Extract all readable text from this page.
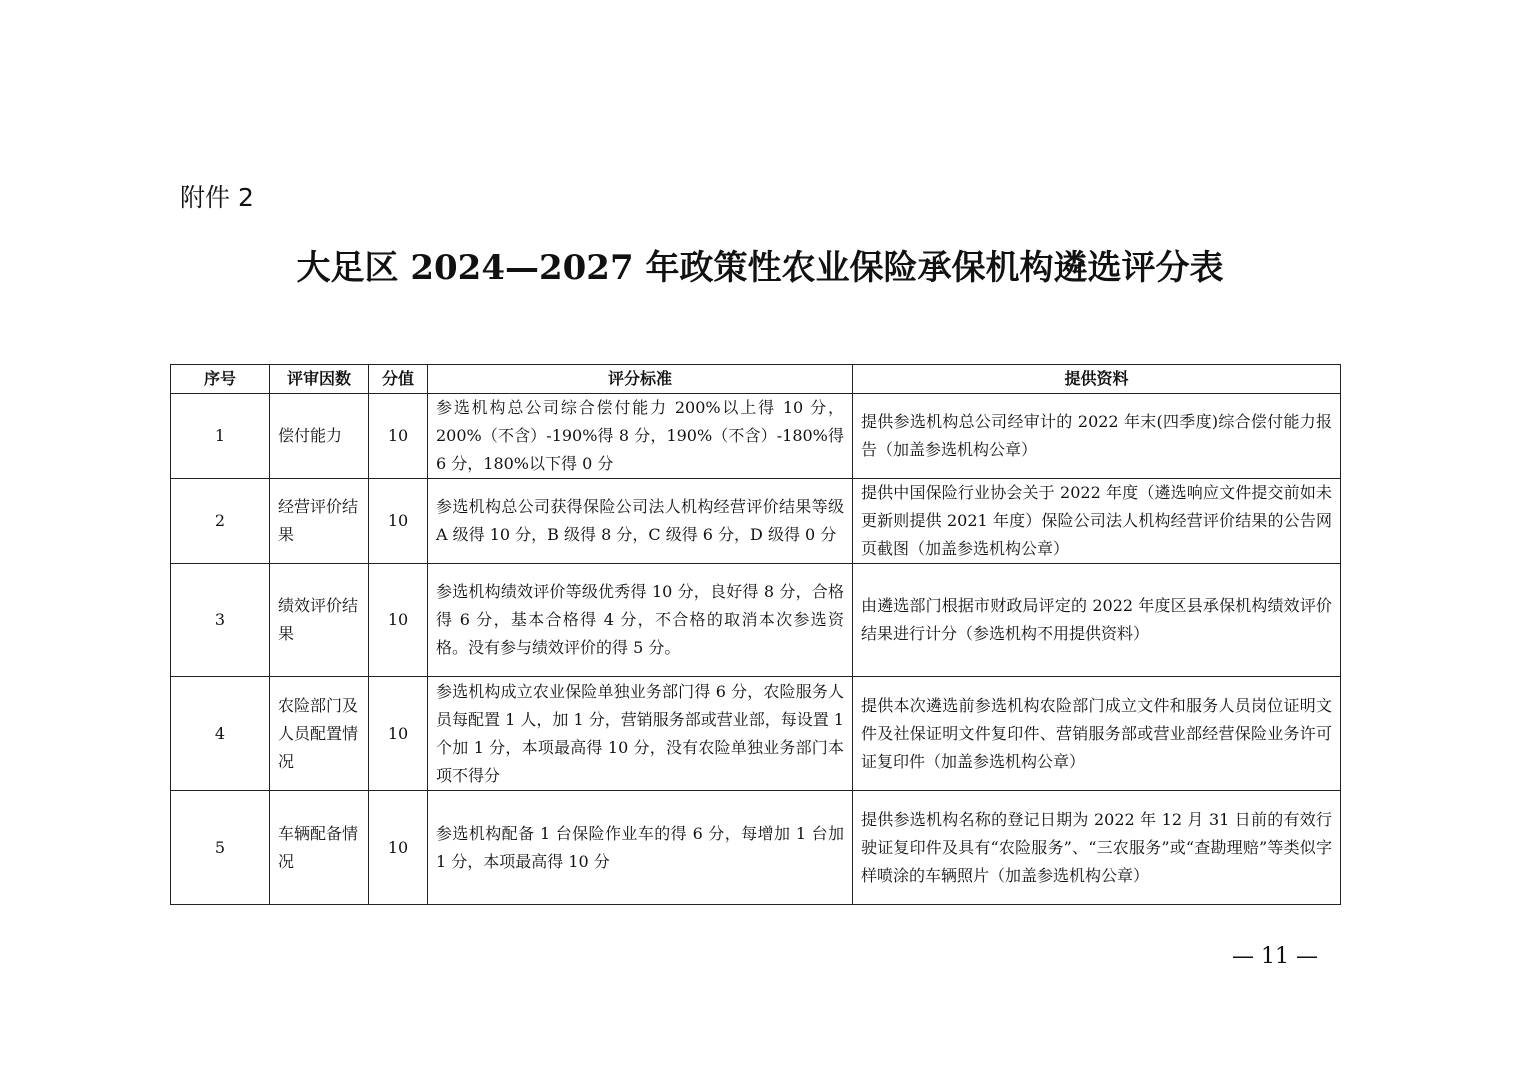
附件 2
大足区 2024—2027 年政策性农业保险承保机构遴选评分表
序号	评审因数	分值	评分标准	提供资料
1	偿付能力	10	参选机构总公司综合偿付能力 200%以上得 10 分，200%（不含）-190%得 8 分，190%（不含）-180%得 6 分，180%以下得 0 分	提供参选机构总公司经审计的 2022 年末(四季度)综合偿付能力报告（加盖参选机构公章）
2	经营评价结果	10	参选机构总公司获得保险公司法人机构经营评价结果等级 A 级得 10 分，B 级得 8 分，C 级得 6 分，D 级得 0 分	提供中国保险行业协会关于 2022 年度（遴选响应文件提交前如未更新则提供 2021 年度）保险公司法人机构经营评价结果的公告网页截图（加盖参选机构公章）
3	绩效评价结果	10	参选机构绩效评价等级优秀得 10 分，良好得 8 分，合格得 6 分，基本合格得 4 分，不合格的取消本次参选资格。没有参与绩效评价的得 5 分。	由遴选部门根据市财政局评定的 2022 年度区县承保机构绩效评价结果进行计分（参选机构不用提供资料）
4	农险部门及人员配置情况	10	参选机构成立农业保险单独业务部门得 6 分，农险服务人员每配置 1 人，加 1 分，营销服务部或营业部，每设置 1 个加 1 分，本项最高得 10 分，没有农险单独业务部门本项不得分	提供本次遴选前参选机构农险部门成立文件和服务人员岗位证明文件及社保证明文件复印件、营销服务部或营业部经营保险业务许可证复印件（加盖参选机构公章）
5	车辆配备情况	10	参选机构配备 1 台保险作业车的得 6 分，每增加 1 台加 1 分，本项最高得 10 分	提供参选机构名称的登记日期为 2022 年 12 月 31 日前的有效行驶证复印件及具有“农险服务”、“三农服务”或“查勘理赔”等类似字样喷涂的车辆照片（加盖参选机构公章）
— 11 —
